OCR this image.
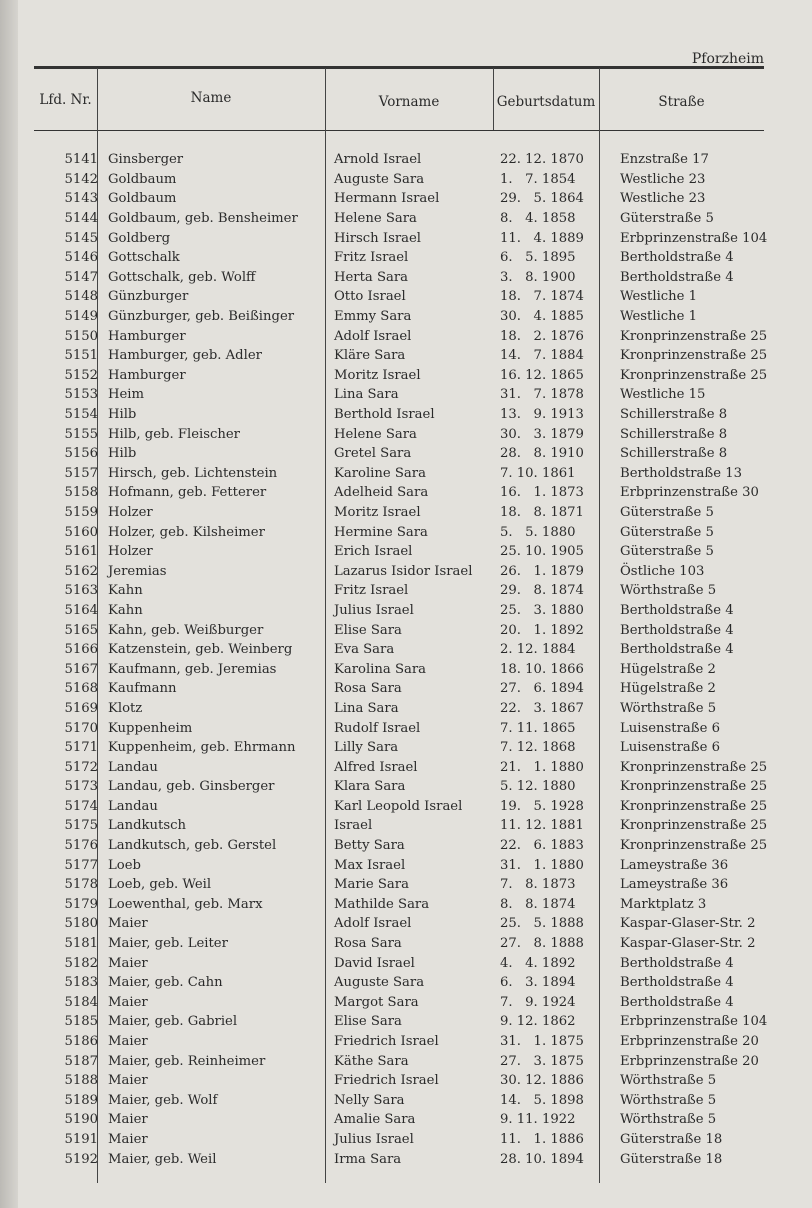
Pforzheim
Lfd. Nr.	Name	Vorname	Geburtsdatum	Straße
5141	Ginsberger	Arnold Israel	22. 12. 1870	Enzstraße 17
5142	Goldbaum	Auguste Sara	1.   7. 1854	Westliche 23
5143	Goldbaum	Hermann Israel	29.   5. 1864	Westliche 23
5144	Goldbaum, geb. Bensheimer	Helene Sara	8.   4. 1858	Güterstraße 5
5145	Goldberg	Hirsch Israel	11.   4. 1889	Erbprinzenstraße 104
5146	Gottschalk	Fritz Israel	6.   5. 1895	Bertholdstraße 4
5147	Gottschalk, geb. Wolff	Herta Sara	3.   8. 1900	Bertholdstraße 4
5148	Günzburger	Otto Israel	18.   7. 1874	Westliche 1
5149	Günzburger, geb. Beißinger	Emmy Sara	30.   4. 1885	Westliche 1
5150	Hamburger	Adolf Israel	18.   2. 1876	Kronprinzenstraße 25
5151	Hamburger, geb. Adler	Kläre Sara	14.   7. 1884	Kronprinzenstraße 25
5152	Hamburger	Moritz Israel	16. 12. 1865	Kronprinzenstraße 25
5153	Heim	Lina Sara	31.   7. 1878	Westliche 15
5154	Hilb	Berthold Israel	13.   9. 1913	Schillerstraße 8
5155	Hilb, geb. Fleischer	Helene Sara	30.   3. 1879	Schillerstraße 8
5156	Hilb	Gretel Sara	28.   8. 1910	Schillerstraße 8
5157	Hirsch, geb. Lichtenstein	Karoline Sara	7. 10. 1861	Bertholdstraße 13
5158	Hofmann, geb. Fetterer	Adelheid Sara	16.   1. 1873	Erbprinzenstraße 30
5159	Holzer	Moritz Israel	18.   8. 1871	Güterstraße 5
5160	Holzer, geb. Kilsheimer	Hermine Sara	5.   5. 1880	Güterstraße 5
5161	Holzer	Erich Israel	25. 10. 1905	Güterstraße 5
5162	Jeremias	Lazarus Isidor Israel	26.   1. 1879	Östliche 103
5163	Kahn	Fritz Israel	29.   8. 1874	Wörthstraße 5
5164	Kahn	Julius Israel	25.   3. 1880	Bertholdstraße 4
5165	Kahn, geb. Weißburger	Elise Sara	20.   1. 1892	Bertholdstraße 4
5166	Katzenstein, geb. Weinberg	Eva Sara	2. 12. 1884	Bertholdstraße 4
5167	Kaufmann, geb. Jeremias	Karolina Sara	18. 10. 1866	Hügelstraße 2
5168	Kaufmann	Rosa Sara	27.   6. 1894	Hügelstraße 2
5169	Klotz	Lina Sara	22.   3. 1867	Wörthstraße 5
5170	Kuppenheim	Rudolf Israel	7. 11. 1865	Luisenstraße 6
5171	Kuppenheim, geb. Ehrmann	Lilly Sara	7. 12. 1868	Luisenstraße 6
5172	Landau	Alfred Israel	21.   1. 1880	Kronprinzenstraße 25
5173	Landau, geb. Ginsberger	Klara Sara	5. 12. 1880	Kronprinzenstraße 25
5174	Landau	Karl Leopold Israel	19.   5. 1928	Kronprinzenstraße 25
5175	Landkutsch	Israel	11. 12. 1881	Kronprinzenstraße 25
5176	Landkutsch, geb. Gerstel	Betty Sara	22.   6. 1883	Kronprinzenstraße 25
5177	Loeb	Max Israel	31.   1. 1880	Lameystraße 36
5178	Loeb, geb. Weil	Marie Sara	7.   8. 1873	Lameystraße 36
5179	Loewenthal, geb. Marx	Mathilde Sara	8.   8. 1874	Marktplatz 3
5180	Maier	Adolf Israel	25.   5. 1888	Kaspar-Glaser-Str. 2
5181	Maier, geb. Leiter	Rosa Sara	27.   8. 1888	Kaspar-Glaser-Str. 2
5182	Maier	David Israel	4.   4. 1892	Bertholdstraße 4
5183	Maier, geb. Cahn	Auguste Sara	6.   3. 1894	Bertholdstraße 4
5184	Maier	Margot Sara	7.   9. 1924	Bertholdstraße 4
5185	Maier, geb. Gabriel	Elise Sara	9. 12. 1862	Erbprinzenstraße 104
5186	Maier	Friedrich Israel	31.   1. 1875	Erbprinzenstraße 20
5187	Maier, geb. Reinheimer	Käthe Sara	27.   3. 1875	Erbprinzenstraße 20
5188	Maier	Friedrich Israel	30. 12. 1886	Wörthstraße 5
5189	Maier, geb. Wolf	Nelly Sara	14.   5. 1898	Wörthstraße 5
5190	Maier	Amalie Sara	9. 11. 1922	Wörthstraße 5
5191	Maier	Julius Israel	11.   1. 1886	Güterstraße 18
5192	Maier, geb. Weil	Irma Sara	28. 10. 1894	Güterstraße 18
